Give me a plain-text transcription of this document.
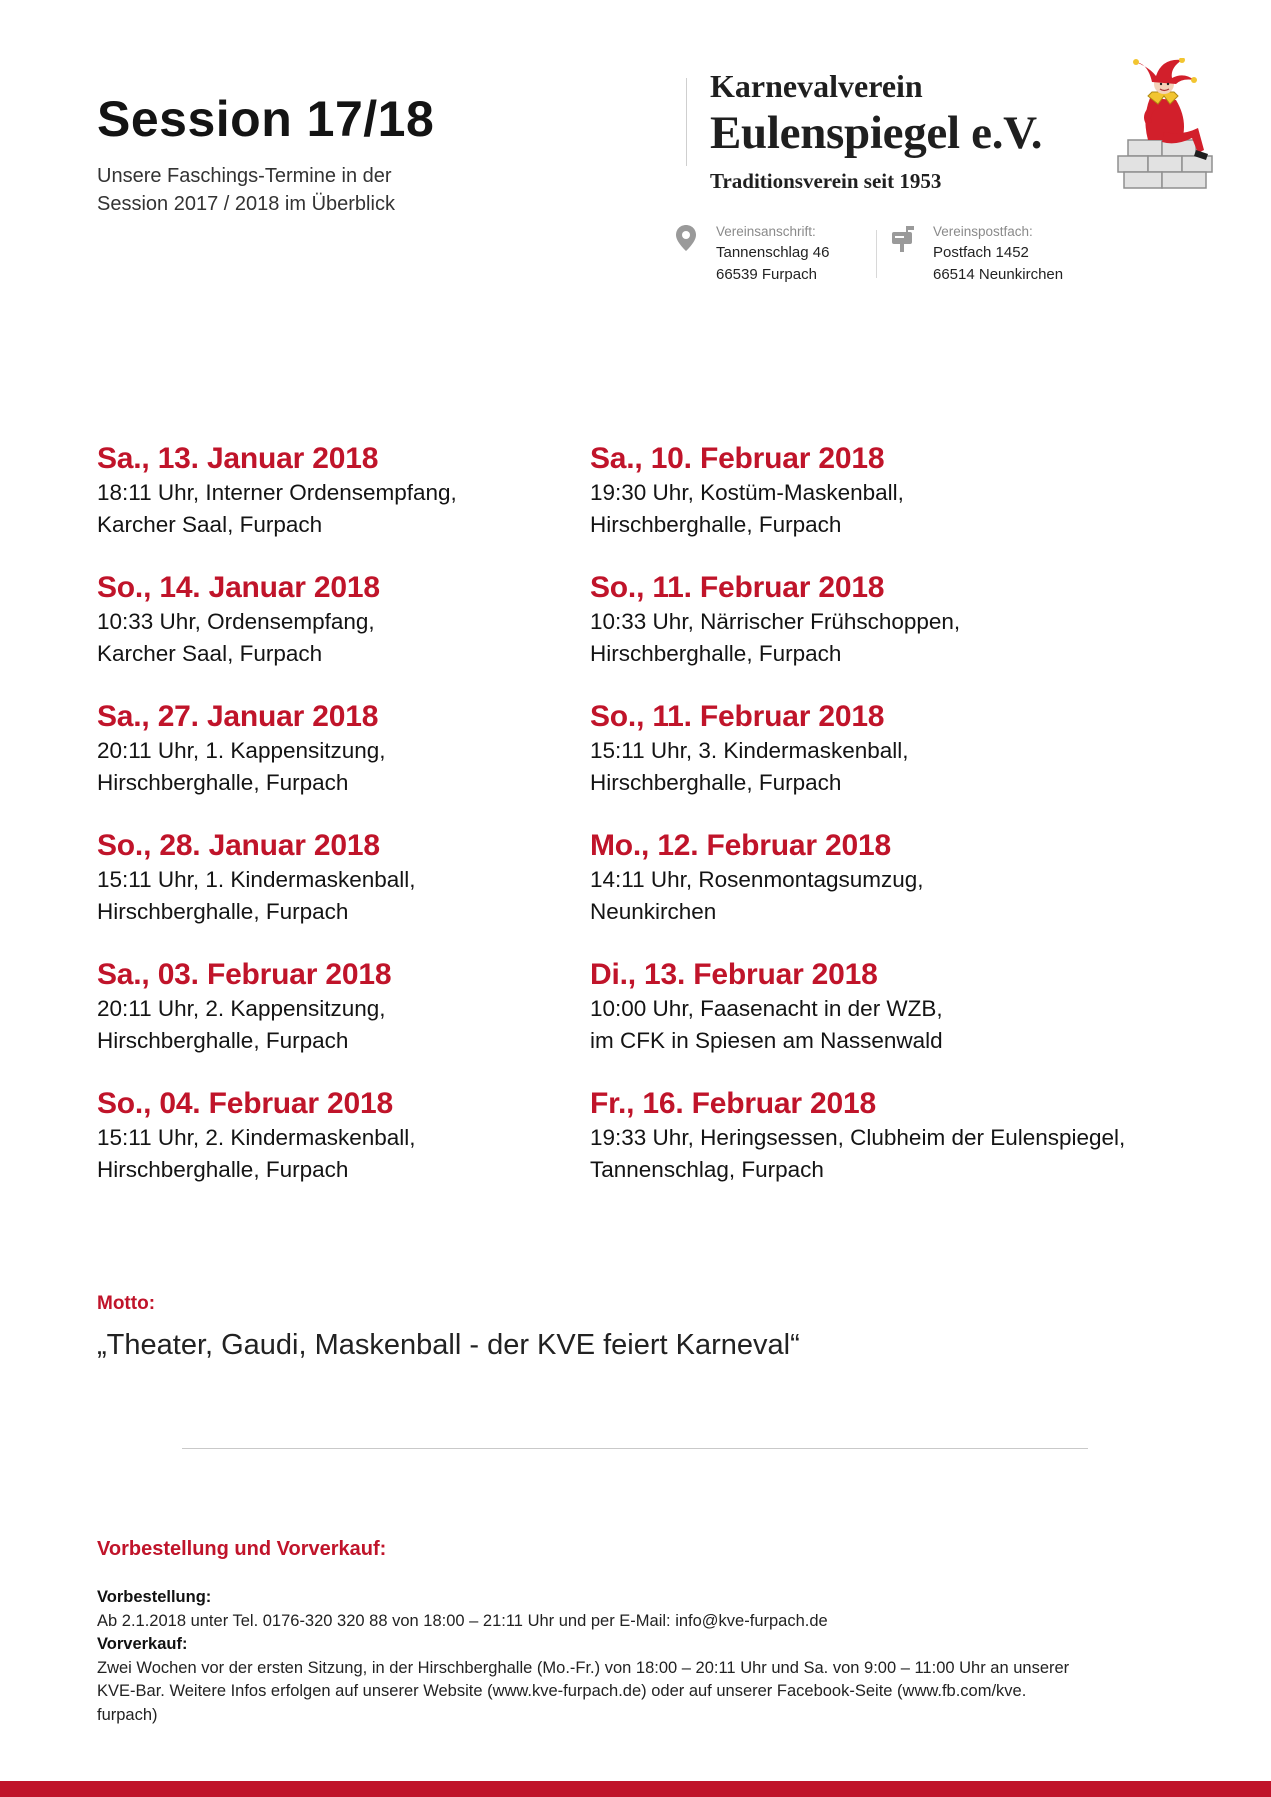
Session 17/18
Unsere Faschings-Termine in der
Session 2017 / 2018 im Überblick
Karnevalverein
Eulenspiegel e.V.
Traditionsverein seit 1953
Vereinsanschrift:
Tannenschlag 46
66539 Furpach
Vereinspostfach:
Postfach 1452
66514 Neunkirchen
Sa., 13. Januar 2018
18:11 Uhr, Interner Ordensempfang,
Karcher Saal, Furpach
So., 14. Januar 2018
10:33 Uhr, Ordensempfang,
Karcher Saal, Furpach
Sa., 27. Januar 2018
20:11 Uhr, 1. Kappensitzung,
Hirschberghalle, Furpach
So., 28. Januar 2018
15:11 Uhr, 1. Kindermaskenball,
Hirschberghalle, Furpach
Sa., 03. Februar 2018
20:11 Uhr, 2. Kappensitzung,
Hirschberghalle, Furpach
So., 04. Februar 2018
15:11 Uhr, 2. Kindermaskenball,
Hirschberghalle, Furpach
Sa., 10. Februar 2018
19:30 Uhr, Kostüm-Maskenball,
Hirschberghalle, Furpach
So., 11. Februar 2018
10:33 Uhr, Närrischer Frühschoppen,
Hirschberghalle, Furpach
So., 11. Februar 2018
15:11 Uhr, 3. Kindermaskenball,
Hirschberghalle, Furpach
Mo., 12. Februar 2018
14:11 Uhr, Rosenmontagsumzug,
Neunkirchen
Di., 13. Februar 2018
10:00 Uhr, Faasenacht in der WZB,
im CFK in Spiesen am Nassenwald
Fr., 16. Februar 2018
19:33 Uhr, Heringsessen, Clubheim der Eulenspiegel,
Tannenschlag, Furpach
Motto:
„Theater, Gaudi, Maskenball - der KVE feiert Karneval“
Vorbestellung und Vorverkauf:
Vorbestellung:
Ab 2.1.2018 unter Tel. 0176-320 320 88 von 18:00 – 21:11 Uhr und per E-Mail: info@kve-furpach.de
Vorverkauf:
Zwei Wochen vor der ersten Sitzung, in der Hirschberghalle (Mo.-Fr.) von 18:00 – 20:11 Uhr und Sa. von 9:00 – 11:00 Uhr an unserer
KVE-Bar. Weitere Infos erfolgen auf unserer Website (www.kve-furpach.de) oder auf unserer Facebook-Seite (www.fb.com/kve.
furpach)
